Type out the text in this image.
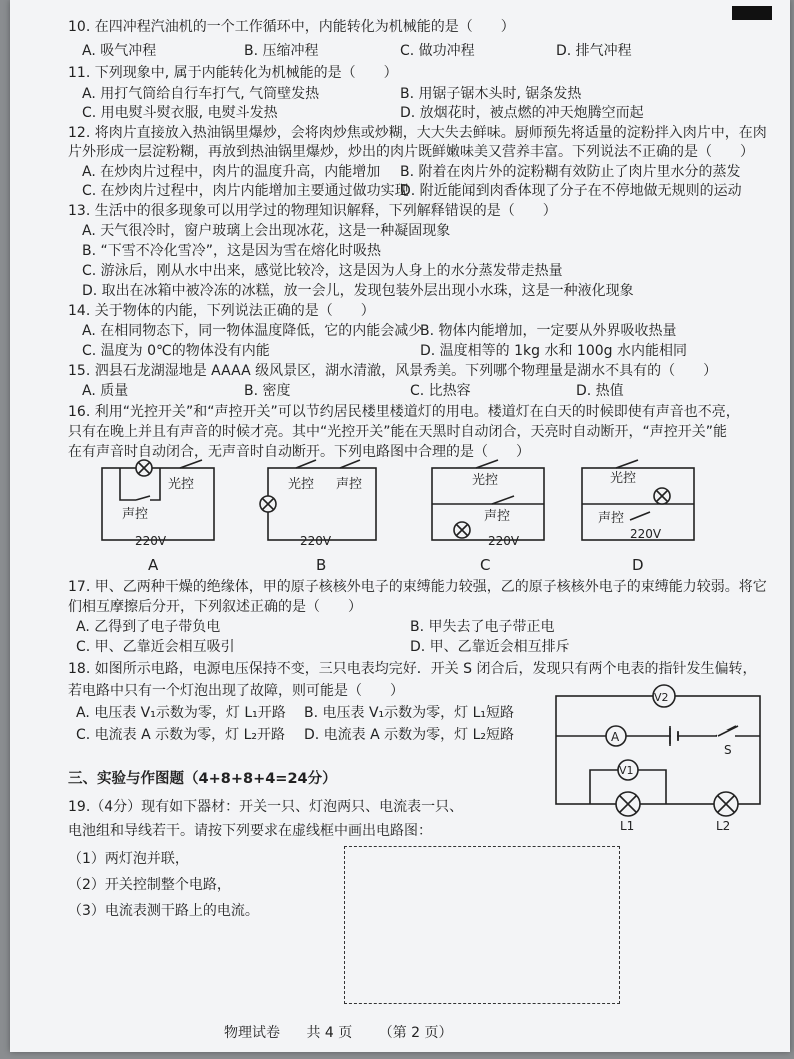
10. 在四冲程汽油机的一个工作循环中，内能转化为机械能的是（　　）
A. 吸气冲程	B. 压缩冲程	C. 做功冲程	D. 排气冲程
11. 下列现象中, 属于内能转化为机械能的是（　　）
A. 用打气筒给自行车打气, 气筒壁发热	B. 用锯子锯木头时, 锯条发热
C. 用电熨斗熨衣服, 电熨斗发热	D. 放烟花时，被点燃的冲天炮腾空而起
12. 将肉片直接放入热油锅里爆炒，会将肉炒焦或炒糊，大大失去鲜味。厨师预先将适量的淀粉拌入肉片中，在肉
片外形成一层淀粉糊，再放到热油锅里爆炒，炒出的肉片既鲜嫩味美又营养丰富。下列说法不正确的是（　　）
A. 在炒肉片过程中，肉片的温度升高，内能增加 B. 附着在肉片外的淀粉糊有效防止了肉片里水分的蒸发
C. 在炒肉片过程中，肉片内能增加主要通过做功实现
D. 附近能闻到肉香体现了分子在不停地做无规则的运动
13. 生活中的很多现象可以用学过的物理知识解释，下列解释错误的是（　　）
A. 天气很冷时，窗户玻璃上会出现冰花，这是一种凝固现象
B. “下雪不冷化雪冷”，这是因为雪在熔化时吸热
C. 游泳后，刚从水中出来，感觉比较冷，这是因为人身上的水分蒸发带走热量
D. 取出在冰箱中被冷冻的冰糕，放一会儿，发现包装外层出现小水珠，这是一种液化现象
14. 关于物体的内能，下列说法正确的是（　　）
A. 在相同物态下，同一物体温度降低，它的内能会减少
B. 物体内能增加，一定要从外界吸收热量
C. 温度为 0℃的物体没有内能	D. 温度相等的 1kg 水和 100g 水内能相同
15. 泗县石龙湖湿地是 AAAA 级风景区，湖水清澈，风景秀美。下列哪个物理量是湖水不具有的（　　）
A. 质量	B. 密度	C. 比热容	D. 热值
16. 利用“光控开关”和“声控开关”可以节约居民楼里楼道灯的用电。楼道灯在白天的时候即使有声音也不亮，
只有在晚上并且有声音的时候才亮。其中“光控开关”能在天黑时自动闭合，天亮时自动断开，“声控开关”能
在有声音时自动闭合，无声音时自动断开。下列电路图中合理的是（　　）
光控
声控
220V
A
光控 声控
220V
B
光控
声控
220V
C
光控
声控
220V
D
17. 甲、乙两种干燥的绝缘体，甲的原子核核外电子的束缚能力较强，乙的原子核核外电子的束缚能力较弱。将它
们相互摩擦后分开，下列叙述正确的是（　　）
A. 乙得到了电子带负电	B. 甲失去了电子带正电
C. 甲、乙靠近会相互吸引	D. 甲、乙靠近会相互排斥
18. 如图所示电路，电源电压保持不变，三只电表均完好．开关 S 闭合后，发现只有两个电表的指针发生偏转，
若电路中只有一个灯泡出现了故障，则可能是（　　）
A. 电压表 V₁示数为零，灯 L₁开路 B. 电压表 V₁示数为零，灯 L₁短路
C. 电流表 A 示数为零，灯 L₂开路 D. 电流表 A 示数为零，灯 L₂短路
V2
A
S
V1
L1	L2
三、实验与作图题（4+8+8+4=24分）
19.（4分）现有如下器材：开关一只、灯泡两只、电流表一只、
电池组和导线若干。请按下列要求在虚线框中画出电路图：
（1）两灯泡并联，
（2）开关控制整个电路，
（3）电流表测干路上的电流。
物理试卷 共 4 页 （第 2 页）
